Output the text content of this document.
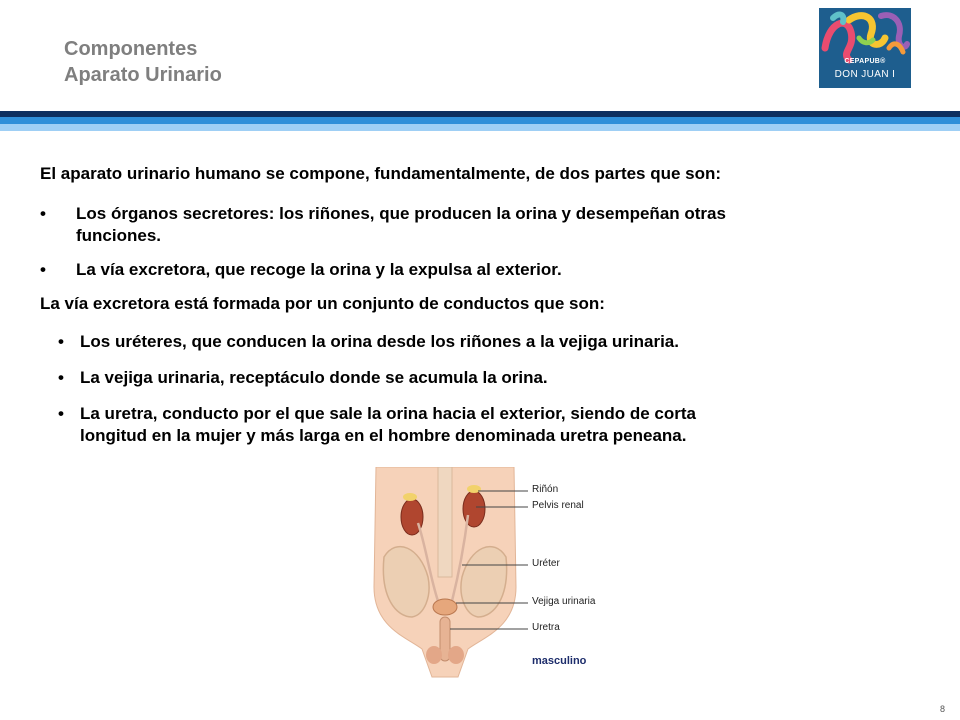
Componentes
Aparato Urinario
CEPAPUB®
DON JUAN I
El aparato urinario humano se compone, fundamentalmente, de dos partes que son:
• Los órganos secretores: los riñones, que producen la orina y desempeñan otras
funciones.
• La vía excretora, que recoge la orina y la expulsa al exterior.
La vía excretora está formada por un conjunto de conductos que son:
• Los uréteres, que conducen la orina desde los riñones a la vejiga urinaria.
• La vejiga urinaria, receptáculo donde se acumula la orina.
• La uretra, conducto por el que sale la orina hacia el exterior, siendo de corta
longitud en la mujer y más larga en el hombre denominada uretra peneana.
Riñón
Pelvis renal
Uréter
Vejiga urinaria
Uretra
masculino
8
